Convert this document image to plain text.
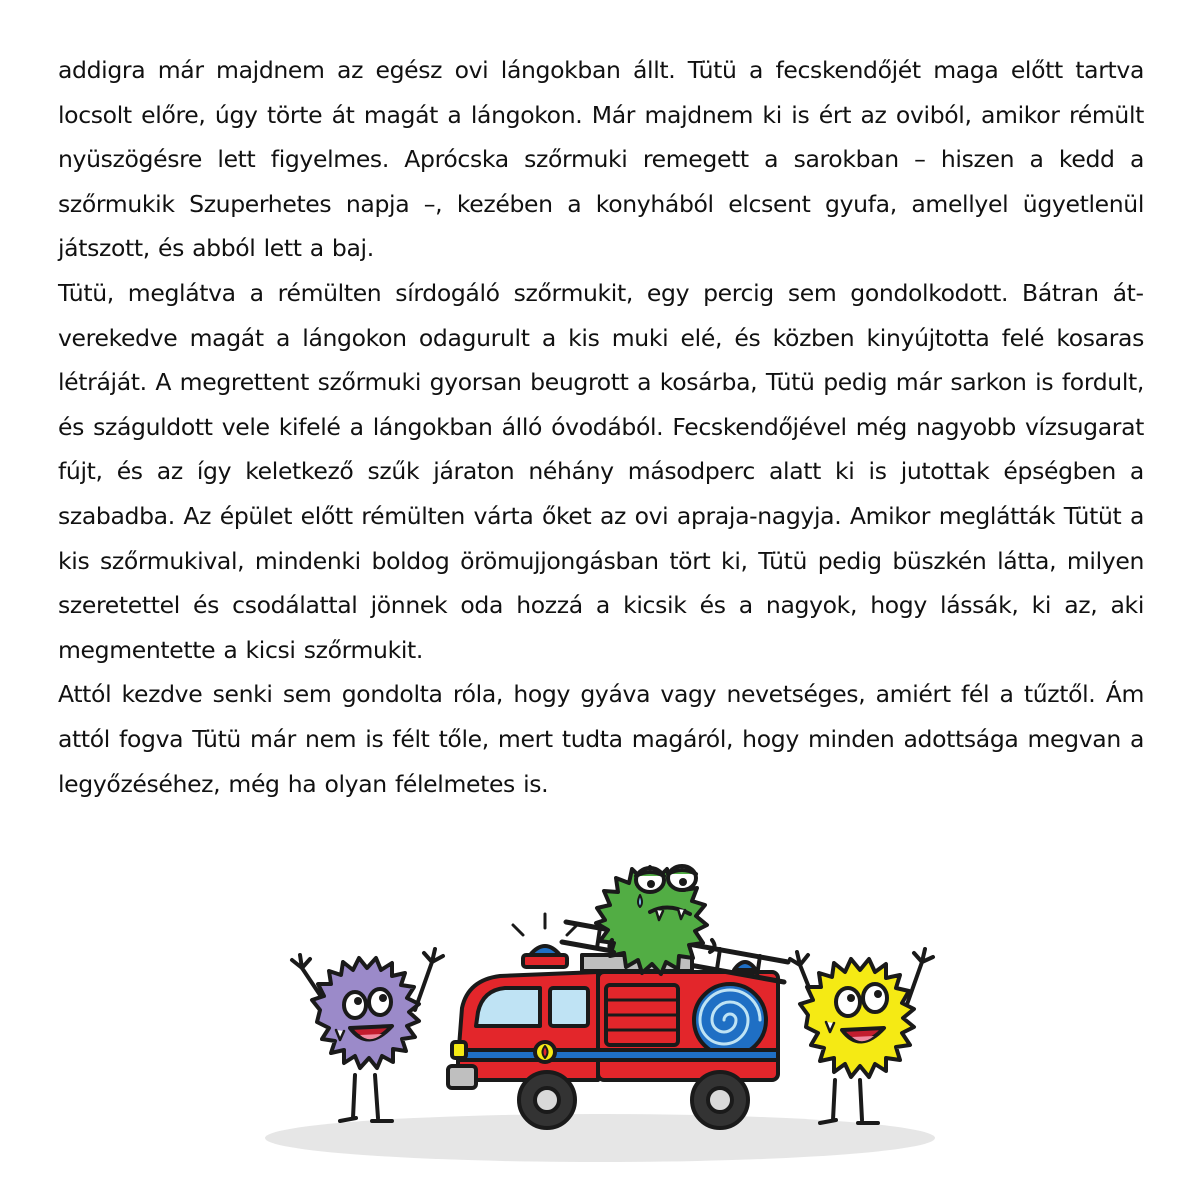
addigra már majdnem az egész ovi lángokban állt. Tütü a fecskendőjét maga előtt tartva locsolt előre, úgy törte át magát a lángokon. Már majdnem ki is ért az oviból, amikor rémült nyüszögésre lett figyelmes. Aprócska szőrmuki remegett a sarokban – hiszen a kedd a szőrmukik Szuperhetes napja –, kezében a konyhából elcsent gyufa, amellyel ügyetlenül játszott, és abból lett a baj.

Tütü, meglátva a rémülten sírdogáló szőrmukit, egy percig sem gondolkodott. Bátran átverekedve magát a lángokon odagurult a kis muki elé, és közben kinyújtotta felé kosaras létráját. A megrettent szőrmuki gyorsan beugrott a kosárba, Tütü pedig már sarkon is fordult, és száguldott vele kifelé a lángokban álló óvodából. Fecskendőjével még nagyobb vízsugarat fújt, és az így keletkező szűk járaton néhány másodperc alatt ki is jutottak épségben a szabadba. Az épület előtt rémülten várta őket az ovi apraja-nagyja. Amikor meglátták Tütüt a kis szőrmukival, mindenki boldog örömujjongásban tört ki, Tütü pedig büszkén látta, milyen szeretettel és csodálattal jönnek oda hozzá a kicsik és a nagyok, hogy lássák, ki az, aki megmentette a kicsi szőrmukit.

Attól kezdve senki sem gondolta róla, hogy gyáva vagy nevetséges, amiért fél a tűztől. Ám attól fogva Tütü már nem is félt tőle, mert tudta magáról, hogy minden adottsága megvan a legyőzéséhez, még ha olyan félelmetes is.
